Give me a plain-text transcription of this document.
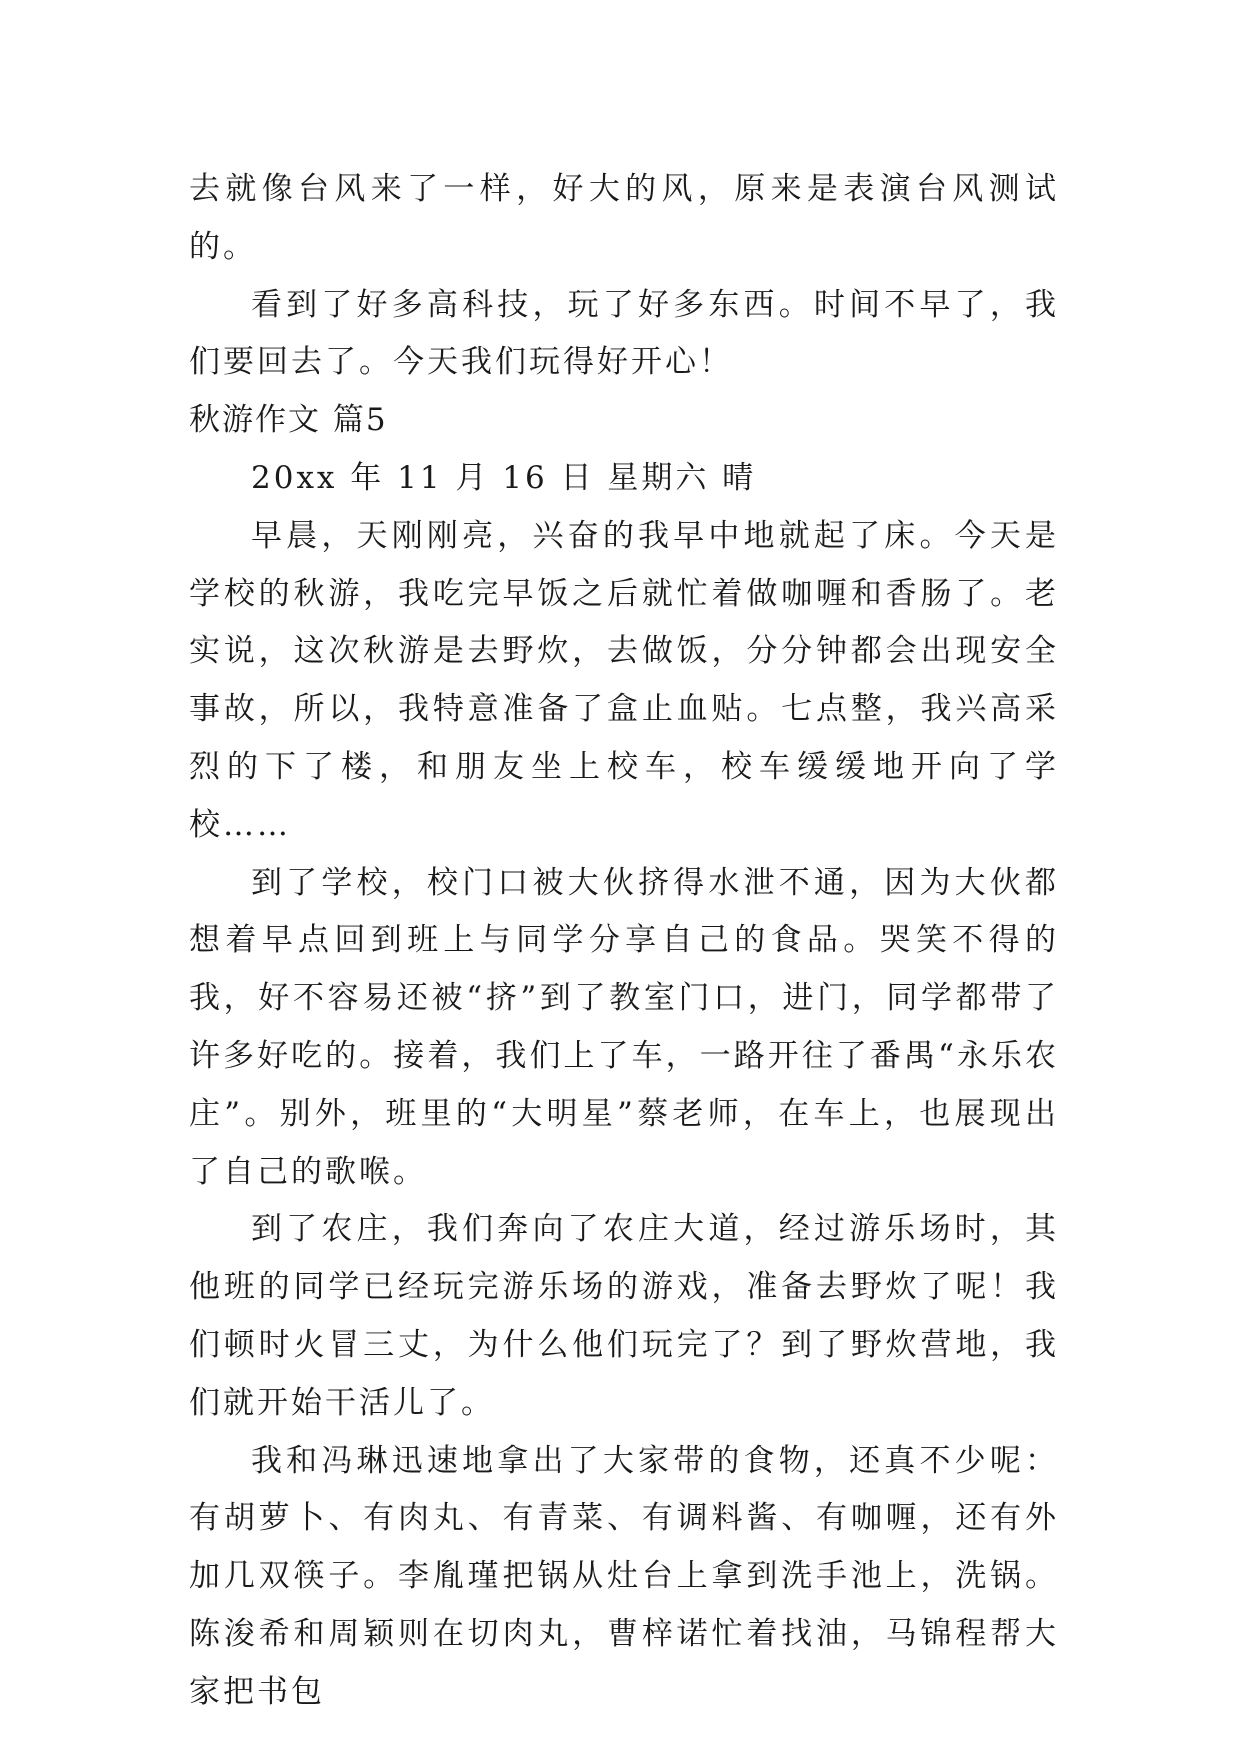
去就像台风来了一样，好大的风，原来是表演台风测试的。

看到了好多高科技，玩了好多东西。时间不早了，我们要回去了。今天我们玩得好开心！

秋游作文 篇5

20xx 年 11 月 16 日 星期六 晴

早晨，天刚刚亮，兴奋的我早中地就起了床。今天是学校的秋游，我吃完早饭之后就忙着做咖喱和香肠了。老实说，这次秋游是去野炊，去做饭，分分钟都会出现安全事故，所以，我特意准备了盒止血贴。七点整，我兴高采烈的下了楼，和朋友坐上校车，校车缓缓地开向了学校……

到了学校，校门口被大伙挤得水泄不通，因为大伙都想着早点回到班上与同学分享自己的食品。哭笑不得的我，好不容易还被“挤”到了教室门口，进门，同学都带了许多好吃的。接着，我们上了车，一路开往了番禺“永乐农庄”。别外，班里的“大明星”蔡老师，在车上，也展现出了自己的歌喉。

到了农庄，我们奔向了农庄大道，经过游乐场时，其他班的同学已经玩完游乐场的游戏，准备去野炊了呢！我们顿时火冒三丈，为什么他们玩完了？到了野炊营地，我们就开始干活儿了。

我和冯琳迅速地拿出了大家带的食物，还真不少呢：有胡萝卜、有肉丸、有青菜、有调料酱、有咖喱，还有外加几双筷子。李胤瑾把锅从灶台上拿到洗手池上，洗锅。陈浚希和周颖则在切肉丸，曹梓诺忙着找油，马锦程帮大家把书包
